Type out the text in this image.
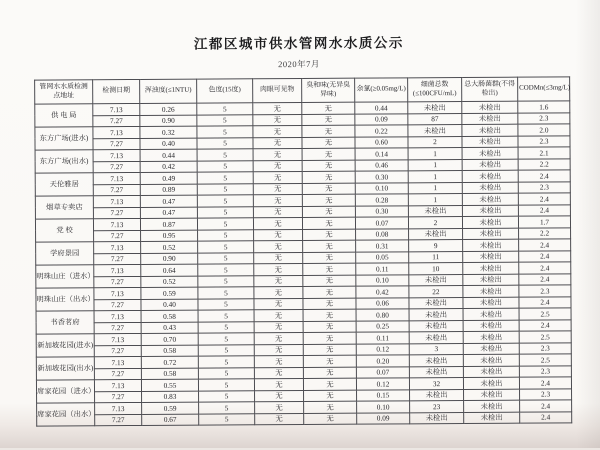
江都区城市供水管网水水质公示
2020年7月
管网水水质检测点地址	检测日期	浑浊度(≤1NTU)	色度(15度)	肉眼可见物	臭和味(无异臭异味)	余氯(≥0.05mg/L)	细菌总数(≤100CFU/mL)	总大肠菌群(不得检出)	CODMn(≤3mg/L)
供 电 局	7.13	0.26	5	无	无	0.44	未检出	未检出	1.6
	7.27	0.90	5	无	无	0.09	87	未检出	2.3
东方广场(进水)	7.13	0.32	5	无	无	0.22	未检出	未检出	2.0
	7.27	0.40	5	无	无	0.60	2	未检出	2.3
东方广场(出水)	7.13	0.44	5	无	无	0.14	1	未检出	2.1
	7.27	0.42	5	无	无	0.46	1	未检出	2.2
天伦雅居	7.13	0.49	5	无	无	0.30	1	未检出	2.4
	7.27	0.89	5	无	无	0.10	1	未检出	2.3
烟草专卖店	7.13	0.47	5	无	无	0.28	1	未检出	2.4
	7.27	0.47	5	无	无	0.30	未检出	未检出	2.4
党 校	7.13	0.87	5	无	无	0.07	2	未检出	1.7
	7.27	0.95	5	无	无	0.08	未检出	未检出	2.2
学府景园	7.13	0.52	5	无	无	0.31	9	未检出	2.4
	7.27	0.90	5	无	无	0.05	11	未检出	2.4
明珠山庄（进水）	7.13	0.64	5	无	无	0.11	10	未检出	2.4
	7.27	0.52	5	无	无	0.10	未检出	未检出	2.4
明珠山庄（出水）	7.13	0.59	5	无	无	0.42	22	未检出	2.3
	7.27	0.40	5	无	无	0.06	未检出	未检出	2.4
书香茗府	7.13	0.58	5	无	无	0.80	未检出	未检出	2.5
	7.27	0.43	5	无	无	0.25	未检出	未检出	2.4
新加坡花园(进水)	7.13	0.70	5	无	无	0.11	未检出	未检出	2.5
	7.27	0.58	5	无	无	0.12	3	未检出	2.3
新加坡花园(出水)	7.13	0.72	5	无	无	0.20	未检出	未检出	2.5
	7.27	0.58	5	无	无	0.07	未检出	未检出	2.3
席家花园（进水）	7.13	0.55	5	无	无	0.12	32	未检出	2.4
	7.27	0.83	5	无	无	0.15	未检出	未检出	2.3
席家花园（出水）	7.13	0.59	5	无	无	0.10	23	未检出	2.4
	7.27	0.67	5	无	无	0.09	未检出	未检出	2.4
